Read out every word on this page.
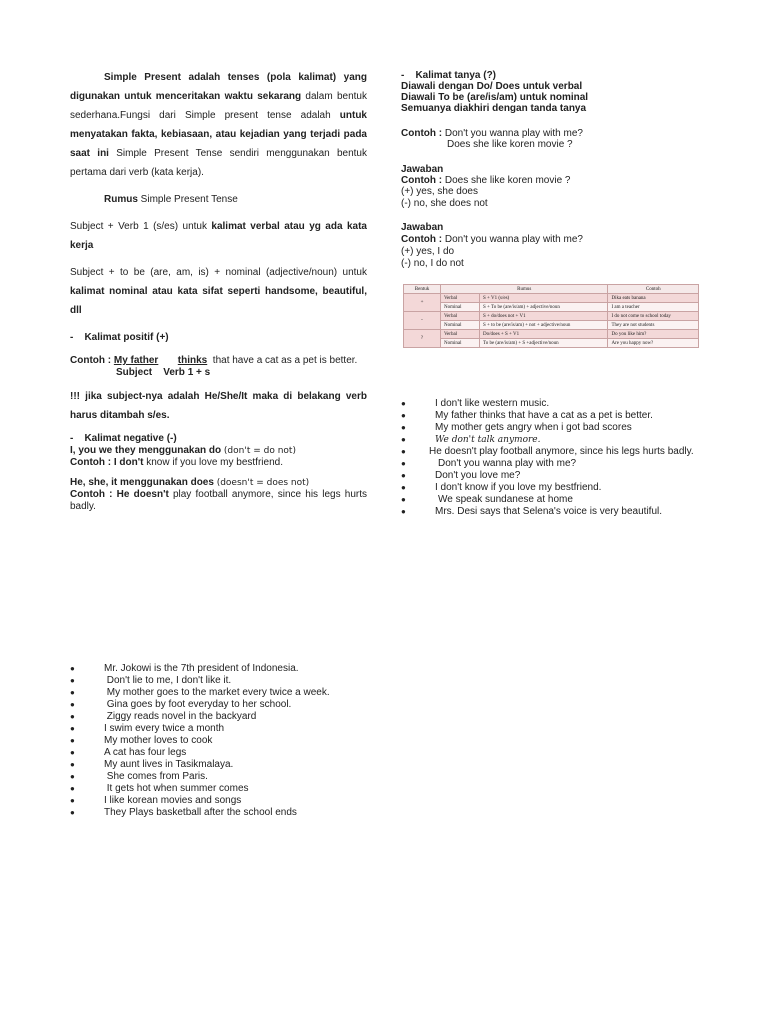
Simple Present adalah tenses (pola kalimat) yang digunakan untuk menceritakan waktu sekarang dalam bentuk sederhana.Fungsi dari Simple present tense adalah untuk menyatakan fakta, kebiasaan, atau kejadian yang terjadi pada saat ini Simple Present Tense sendiri menggunakan bentuk pertama dari verb (kata kerja).

Rumus Simple Present Tense

Subject + Verb 1 (s/es) untuk kalimat verbal atau yg ada kata kerja

Subject + to be (are, am, is) + nominal (adjective/noun) untuk kalimat nominal atau kata sifat seperti handsome, beautiful, dll

-    Kalimat positif (+)

Contoh : My father thinks  that have a cat as a pet is better.

Subject    Verb 1 + s

!!! jika subject-nya adalah He/She/It maka di belakang verb harus ditambah s/es.

-    Kalimat negative (-)

I, you we they menggunakan do (don't = do not)

Contoh : I don't know if you love my bestfriend.

He, she, it menggunakan does (doesn't = does not)

Contoh : He doesn't play football anymore, since his legs hurts badly.

-    Kalimat tanya (?)

Diawali dengan Do/ Does untuk verbal

Diawali To be (are/is/am) untuk nominal

Semuanya diakhiri dengan tanda tanya

Contoh : Don't you wanna play with me?

Does she like koren movie ?

Jawaban

Contoh : Does she like koren movie ?

(+) yes, she does

(-) no, she does not

Jawaban

Contoh : Don't you wanna play with me?

(+) yes, I do

(-) no, I do not

Bentuk	Rumus		Contoh
+	Verbal	S + V1 (s/es)	Dika eats banana
	Nominal	S + To be (are/is/am) + adjective/noun	I am a teacher
-	Verbal	S + do/does not + V1	I do not come to school today
	Nominal	S + to be (are/is/am) + not + adjective/noun	They are not students
?	Verbal	Do/does + S + V1	Do you like him?
	Nominal	To be (are/is/am) + S +adjective/noun	Are you happy now?
●	I don't like western music.
●	My father thinks that have a cat as a pet is better.
●	My mother gets angry when i got bad scores
●	We don't talk anymore.
● He doesn't play football anymore, since his legs hurts badly.
●	Don't you wanna play with me?
●	Don't you love me?
●	I don't know if you love my bestfriend.
●	We speak sundanese at home
●	Mrs. Desi says that Selena's voice is very beautiful.
●	Mr. Jokowi is the 7th president of Indonesia.
●	Don't lie to me, I don't like it.
●	My mother goes to the market every twice a week.
●	Gina goes by foot everyday to her school.
●	Ziggy reads novel in the backyard
●	I swim every twice a month
●	My mother loves to cook
●	A cat has four legs
●	My aunt lives in Tasikmalaya.
●	She comes from Paris.
●	It gets hot when summer comes
●	I like korean movies and songs
●	They Plays basketball after the school ends
